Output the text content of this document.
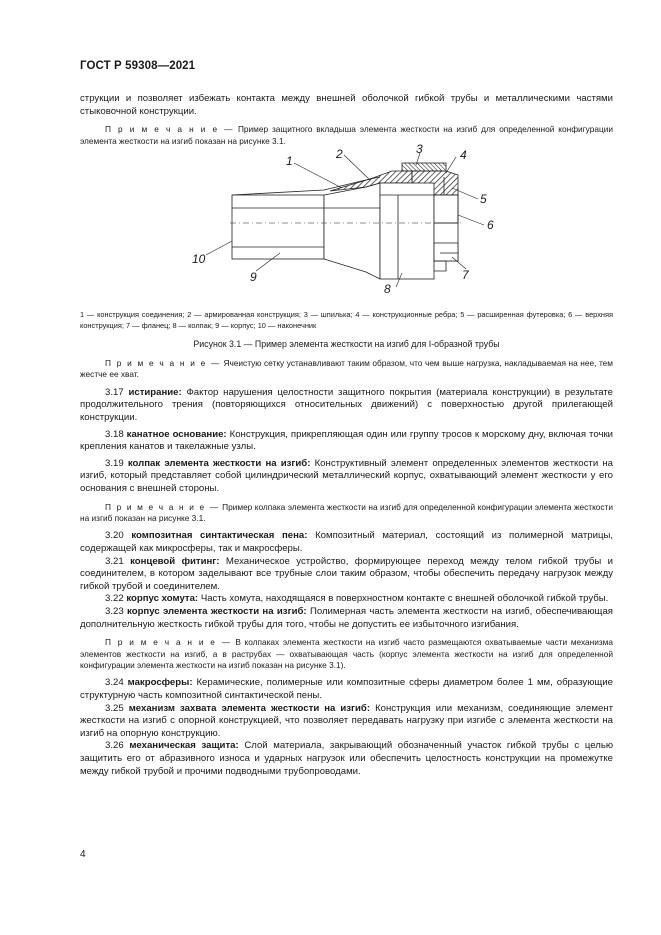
ГОСТ Р 59308—2021

струкции и позволяет избежать контакта между внешней оболочкой гибкой трубы и металлическими частями стыковочной конструкции.

П р и м е ч а н и е — Пример защитного вкладыша элемента жесткости на изгиб для определенной конфигурации элемента жесткости на изгиб показан на рисунке 3.1.

1	2	3	4
5
6
7
8
9
10
1 — конструкция соединения; 2 — армированная конструкция; 3 — шпилька; 4 — конструкционные ребра; 5 — расширенная футеровка; 6 — верхняя конструкция; 7 — фланец; 8 — колпак; 9 — корпус; 10 — наконечник
Рисунок 3.1 — Пример элемента жесткости на изгиб для I-образной трубы

П р и м е ч а н и е — Ячеистую сетку устанавливают таким образом, что чем выше нагрузка, накладываемая на нее, тем жестче ее хват.

3.17 истирание: Фактор нарушения целостности защитного покрытия (материала конструкции) в результате продолжительного трения (повторяющихся относительных движений) с поверхностью другой прилегающей конструкции.

3.18 канатное основание: Конструкция, прикрепляющая один или группу тросов к морскому дну, включая точки крепления канатов и такелажные узлы.

3.19 колпак элемента жесткости на изгиб: Конструктивный элемент определенных элементов жесткости на изгиб, который представляет собой цилиндрический металлический корпус, охватывающий элемент жесткости у его основания с внешней стороны.

П р и м е ч а н и е — Пример колпака элемента жесткости на изгиб для определенной конфигурации элемента жесткости на изгиб показан на рисунке 3.1.

3.20 композитная синтактическая пена: Композитный материал, состоящий из полимерной матрицы, содержащей как микросферы, так и макросферы.

3.21 концевой фитинг: Механическое устройство, формирующее переход между телом гибкой трубы и соединителем, в котором заделывают все трубные слои таким образом, чтобы обеспечить передачу нагрузок между гибкой трубой и соединителем.

3.22 корпус хомута: Часть хомута, находящаяся в поверхностном контакте с внешней оболочкой гибкой трубы.

3.23 корпус элемента жесткости на изгиб: Полимерная часть элемента жесткости на изгиб, обеспечивающая дополнительную жесткость гибкой трубы для того, чтобы не допустить ее избыточного изгибания.

П р и м е ч а н и е — В колпаках элемента жесткости на изгиб часто размещаются охватываемые части механизма элементов жесткости на изгиб, а в раструбах — охватывающая часть (корпус элемента жесткости на изгиб для определенной конфигурации элемента жесткости на изгиб показан на рисунке 3.1).

3.24 макросферы: Керамические, полимерные или композитные сферы диаметром более 1 мм, образующие структурную часть композитной синтактической пены.

3.25 механизм захвата элемента жесткости на изгиб: Конструкция или механизм, соединяющие элемент жесткости на изгиб с опорной конструкцией, что позволяет передавать нагрузку при изгибе с элемента жесткости на изгиб на опорную конструкцию.

3.26 механическая защита: Слой материала, закрывающий обозначенный участок гибкой трубы с целью защитить его от абразивного износа и ударных нагрузок или обеспечить целостность конструкции на промежутке между гибкой трубой и прочими подводными трубопроводами.

4
